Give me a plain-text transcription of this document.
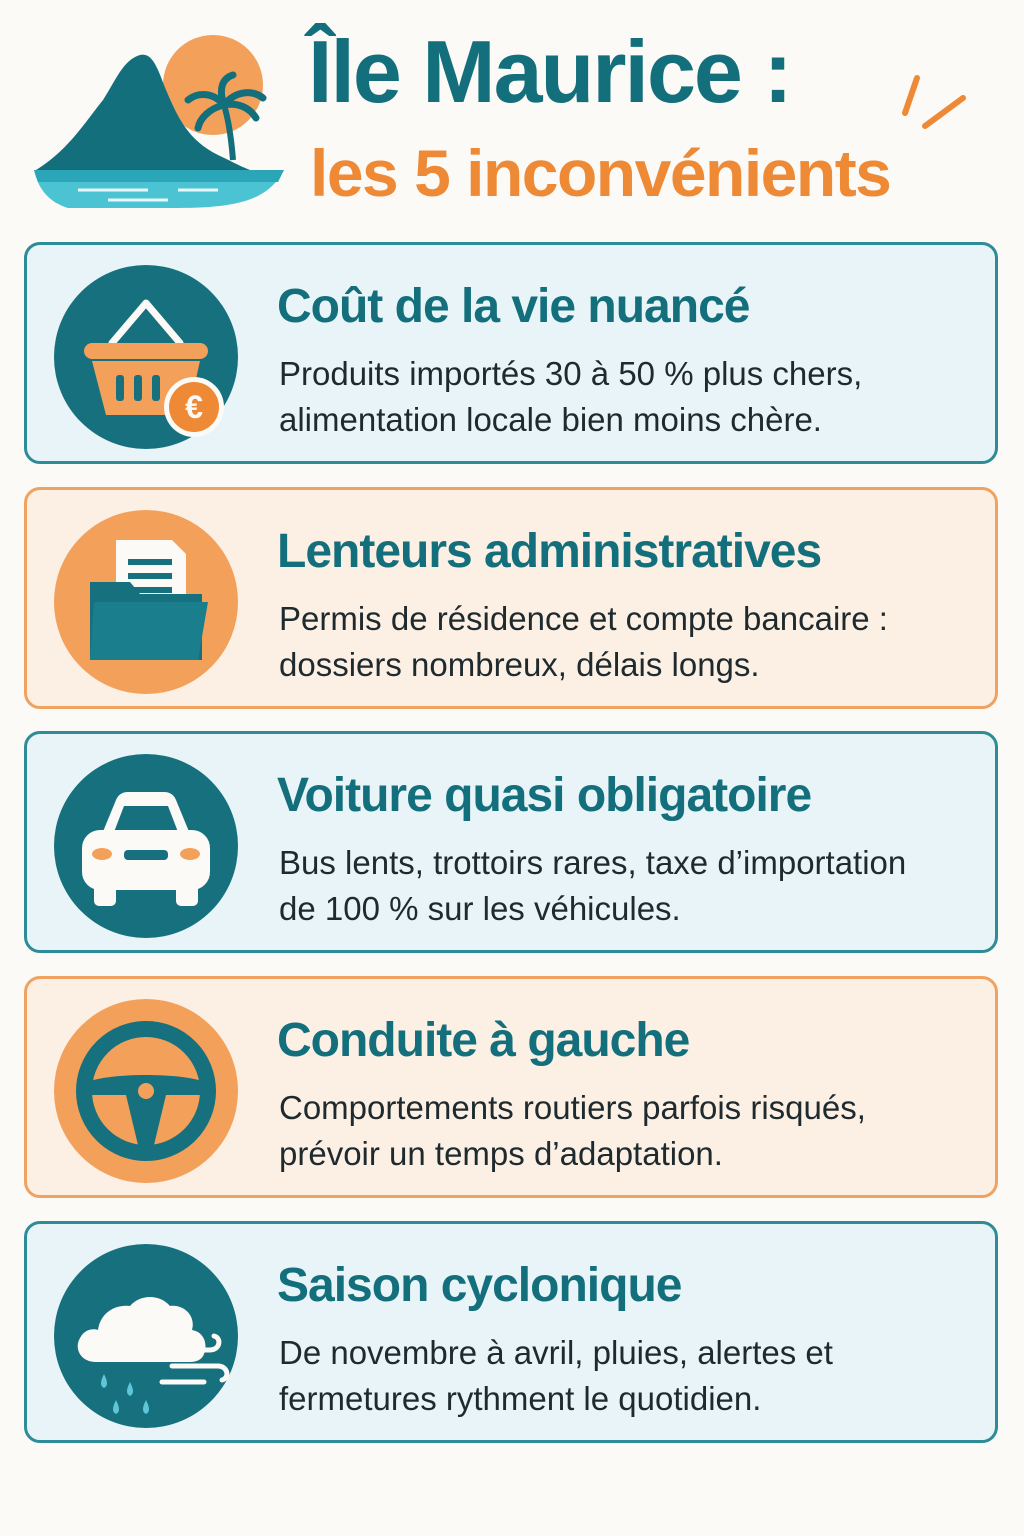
Île Maurice :
les 5 inconvénients
€
Coût de la vie nuancé
Produits importés 30 à 50 % plus chers,
alimentation locale bien moins chère.
Lenteurs administratives
Permis de résidence et compte bancaire :
dossiers nombreux, délais longs.
Voiture quasi obligatoire
Bus lents, trottoirs rares, taxe d’importation
de 100 % sur les véhicules.
Conduite à gauche
Comportements routiers parfois risqués,
prévoir un temps d’adaptation.
Saison cyclonique
De novembre à avril, pluies, alertes et
fermetures rythment le quotidien.
